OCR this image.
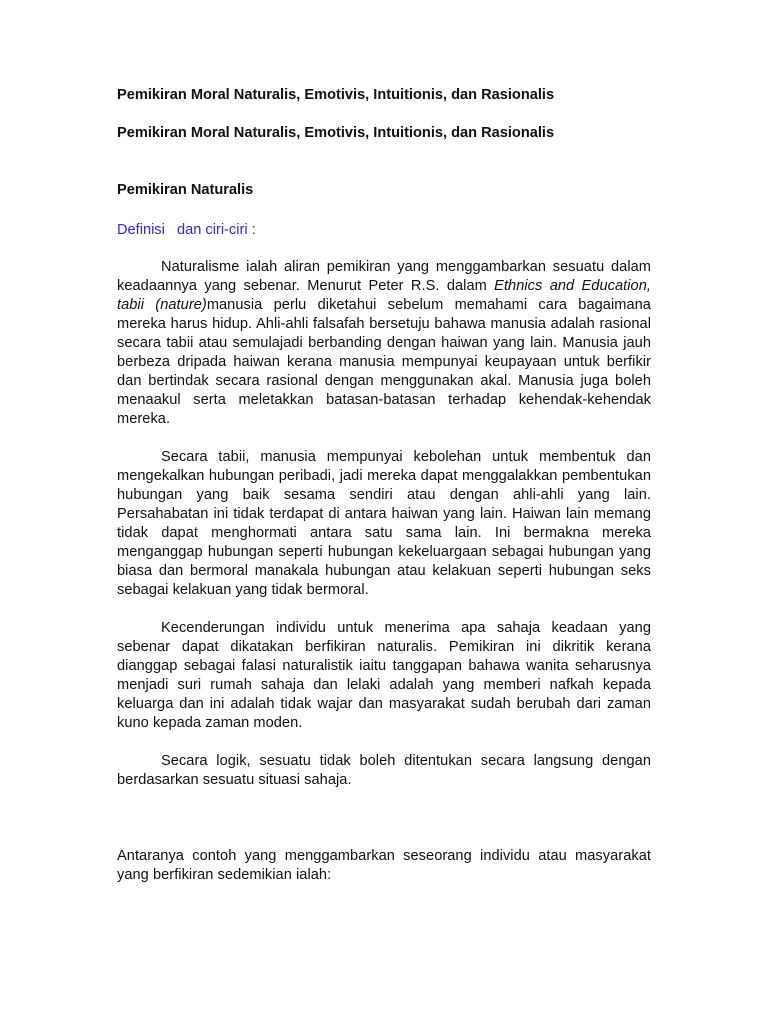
Pemikiran Moral Naturalis, Emotivis, Intuitionis, dan Rasionalis

Pemikiran Moral Naturalis, Emotivis, Intuitionis, dan Rasionalis

Pemikiran Naturalis

Definisi   dan ciri-ciri :

Naturalisme ialah aliran pemikiran yang menggambarkan sesuatu dalam keadaannya yang sebenar. Menurut Peter R.S. dalam Ethnics and Education, tabii (nature)manusia perlu diketahui sebelum memahami cara bagaimana mereka harus hidup. Ahli-ahli falsafah bersetuju bahawa manusia adalah rasional secara tabii atau semulajadi berbanding dengan haiwan yang lain. Manusia jauh berbeza dripada haiwan kerana manusia mempunyai keupayaan untuk berfikir dan bertindak secara rasional dengan menggunakan akal. Manusia juga boleh menaakul serta meletakkan batasan-batasan terhadap kehendak-kehendak mereka.

Secara tabii, manusia mempunyai kebolehan untuk membentuk dan mengekalkan hubungan peribadi, jadi mereka dapat menggalakkan pembentukan hubungan yang baik sesama sendiri atau dengan ahli-ahli yang lain. Persahabatan ini tidak terdapat di antara haiwan yang lain. Haiwan lain memang tidak dapat menghormati antara satu sama lain. Ini bermakna mereka menganggap hubungan seperti hubungan kekeluargaan sebagai hubungan yang biasa dan bermoral manakala hubungan atau kelakuan seperti hubungan seks sebagai kelakuan yang tidak bermoral.

Kecenderungan individu untuk menerima apa sahaja keadaan yang sebenar dapat dikatakan berfikiran naturalis. Pemikiran ini dikritik kerana dianggap sebagai falasi naturalistik iaitu tanggapan bahawa wanita seharusnya menjadi suri rumah sahaja dan lelaki adalah yang memberi nafkah kepada keluarga dan ini adalah tidak wajar dan masyarakat sudah berubah dari zaman kuno kepada zaman moden.

Secara logik, sesuatu tidak boleh ditentukan secara langsung dengan berdasarkan sesuatu situasi sahaja.

Antaranya contoh yang menggambarkan seseorang individu atau masyarakat yang berfikiran sedemikian ialah:
